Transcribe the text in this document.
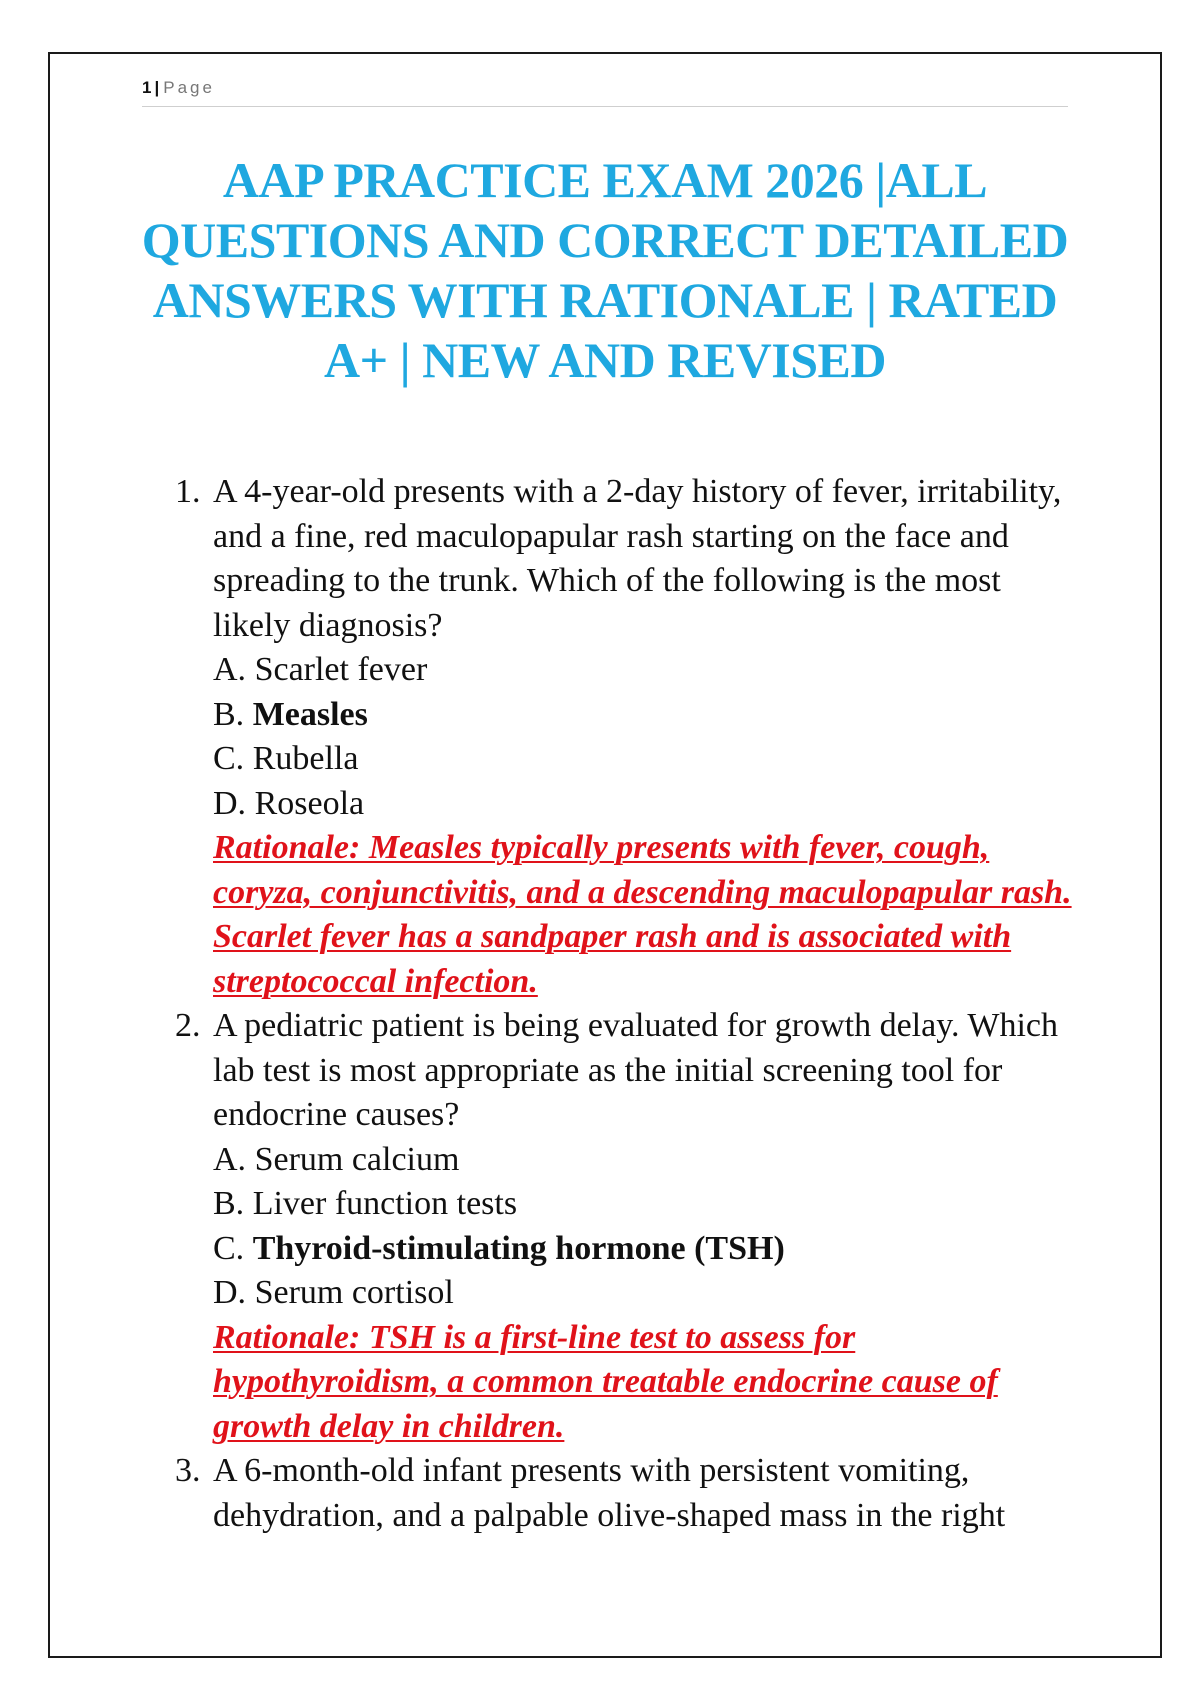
1 | Page
AAP PRACTICE EXAM 2026 |ALL QUESTIONS AND CORRECT DETAILED ANSWERS WITH RATIONALE | RATED A+ | NEW AND REVISED
1. A 4-year-old presents with a 2-day history of fever, irritability, and a fine, red maculopapular rash starting on the face and spreading to the trunk. Which of the following is the most likely diagnosis?
A. Scarlet fever
B. Measles
C. Rubella
D. Roseola
Rationale: Measles typically presents with fever, cough, coryza, conjunctivitis, and a descending maculopapular rash. Scarlet fever has a sandpaper rash and is associated with streptococcal infection.
2. A pediatric patient is being evaluated for growth delay. Which lab test is most appropriate as the initial screening tool for endocrine causes?
A. Serum calcium
B. Liver function tests
C. Thyroid-stimulating hormone (TSH)
D. Serum cortisol
Rationale: TSH is a first-line test to assess for hypothyroidism, a common treatable endocrine cause of growth delay in children.
3. A 6-month-old infant presents with persistent vomiting, dehydration, and a palpable olive-shaped mass in the right
